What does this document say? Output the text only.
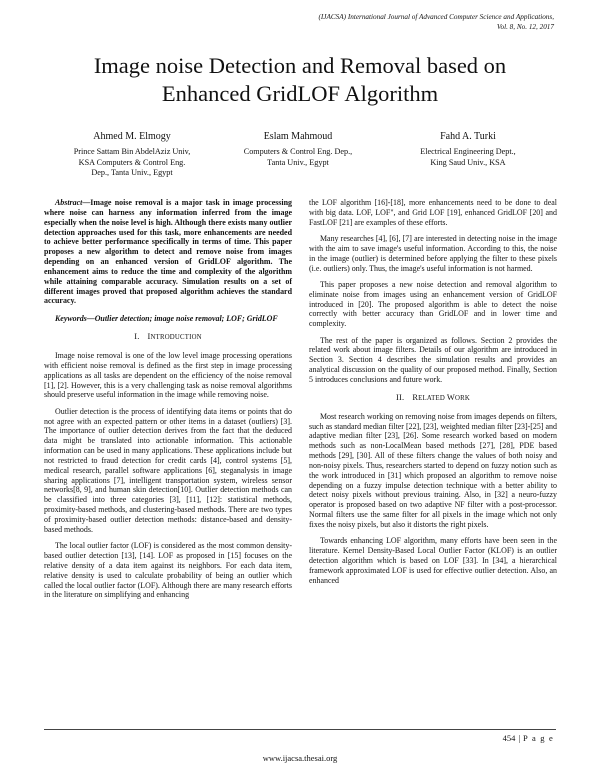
(IJACSA) International Journal of Advanced Computer Science and Applications,
Vol. 8, No. 12, 2017
Image noise Detection and Removal based on
Enhanced GridLOF Algorithm
Ahmed M. Elmogy
Prince Sattam Bin AbdelAziz Univ,
KSA Computers & Control Eng.
Dep., Tanta Univ., Egypt
Eslam Mahmoud
Computers & Control Eng. Dep.,
Tanta Univ., Egypt
Fahd A. Turki
Electrical Engineering Dept.,
King Saud Univ., KSA

Abstract—Image noise removal is a major task in image processing where noise can harness any information inferred from the image especially when the noise level is high. Although there exists many outlier detection approaches used for this task, more enhancements are needed to achieve better performance specifically in terms of time. This paper proposes a new algorithm to detect and remove noise from images depending on an enhanced version of GridLOF algorithm. The enhancement aims to reduce the time and complexity of the algorithm while attaining comparable accuracy. Simulation results on a set of different images proved that proposed algorithm achieves the standard accuracy.

Keywords—Outlier detection; image noise removal; LOF; GridLOF

I. INTRODUCTION

Image noise removal is one of the low level image processing operations with efficient noise removal is defined as the first step in image processing applications as all tasks are dependent on the efficiency of the noise removal [1], [2]. However, this is a very challenging task as noise removal algorithms should preserve useful information in the image while removing noise.

Outlier detection is the process of identifying data items or points that do not agree with an expected pattern or other items in a dataset (outliers) [3]. The importance of outlier detection derives from the fact that the deduced data might be translated into actionable information. This actionable information can be used in many applications. These applications include but not restricted to fraud detection for credit cards [4], control systems [5], medical research, parallel software applications [6], steganalysis in image sharing applications [7], intelligent transportation system, wireless sensor networks[8, 9], and human skin detection[10]. Outlier detection methods can be classified into three categories [3], [11], [12]: statistical methods, proximity-based methods, and clustering-based methods. There are two types of proximity-based outlier detection methods: distance-based and density-based methods.

The local outlier factor (LOF) is considered as the most common density-based outlier detection [13], [14]. LOF as proposed in [15] focuses on the relative density of a data item against its neighbors. For each data item, relative density is used to calculate probability of being an outlier which called the local outlier factor (LOF). Although there are many research efforts in the literature on simplifying and enhancing

the LOF algorithm [16]-[18], more enhancements need to be done to deal with big data. LOF, LOF", and Grid LOF [19], enhanced GridLOF [20] and FastLOF [21] are examples of these efforts.

Many researches [4], [6], [7] are interested in detecting noise in the image with the aim to save image's useful information. According to this, the noise in the image (outlier) is determined before applying the filter to these pixels (i.e. outliers) only. Thus, the image's useful information is not harmed.

This paper proposes a new noise detection and removal algorithm to eliminate noise from images using an enhancement version of GridLOF introduced in [20]. The proposed algorithm is able to detect the noise correctly with better accuracy than GridLOF and in lower time and complexity.

The rest of the paper is organized as follows. Section 2 provides the related work about image filters. Details of our algorithm are introduced in Section 3. Section 4 describes the simulation results and provides an analytical discussion on the quality of our proposed method. Finally, Section 5 introduces conclusions and future work.

II. RELATED WORK

Most research working on removing noise from images depends on filters, such as standard median filter [22], [23], weighted median filter [23]-[25] and adaptive median filter [23], [26]. Some research worked based on modern methods such as non-LocalMean based methods [27], [28], PDE based methods [29], [30]. All of these filters change the values of both noisy and non-noisy pixels. Thus, researchers started to depend on fuzzy notion such as the work introduced in [31] which proposed an algorithm to remove noise depending on a fuzzy impulse detection technique with a better ability to detect noisy pixels without previous training. Also, in [32] a neuro-fuzzy operator is proposed based on two adaptive NF filter with a post-processor. Normal filters use the same filter for all pixels in the image which not only fixes the noisy pixels, but also it distorts the right pixels.

Towards enhancing LOF algorithm, many efforts have been seen in the literature. Kernel Density-Based Local Outlier Factor (KLOF) is an outlier detection algorithm which is based on LOF [33]. In [34], a hierarchical framework approximated LOF is used for effective outlier detection. Also, an enhanced

454 | P a g e
www.ijacsa.thesai.org
